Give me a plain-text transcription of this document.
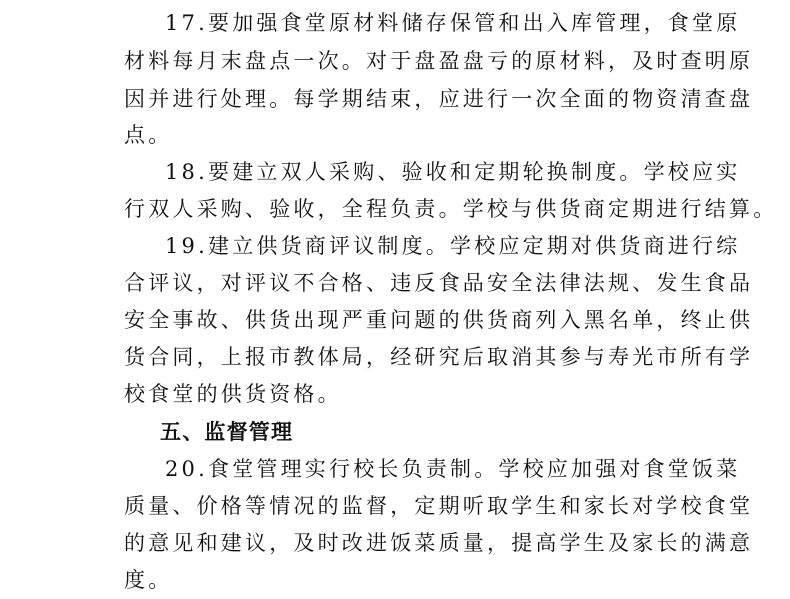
17.要加强食堂原材料储存保管和出入库管理，食堂原
材料每月末盘点一次。对于盘盈盘亏的原材料，及时查明原
因并进行处理。每学期结束，应进行一次全面的物资清查盘
点。
18.要建立双人采购、验收和定期轮换制度。学校应实
行双人采购、验收，全程负责。学校与供货商定期进行结算。
19.建立供货商评议制度。学校应定期对供货商进行综
合评议，对评议不合格、违反食品安全法律法规、发生食品
安全事故、供货出现严重问题的供货商列入黑名单，终止供
货合同，上报市教体局，经研究后取消其参与寿光市所有学
校食堂的供货资格。
五、监督管理
20.食堂管理实行校长负责制。学校应加强对食堂饭菜
质量、价格等情况的监督，定期听取学生和家长对学校食堂
的意见和建议，及时改进饭菜质量，提高学生及家长的满意
度。
